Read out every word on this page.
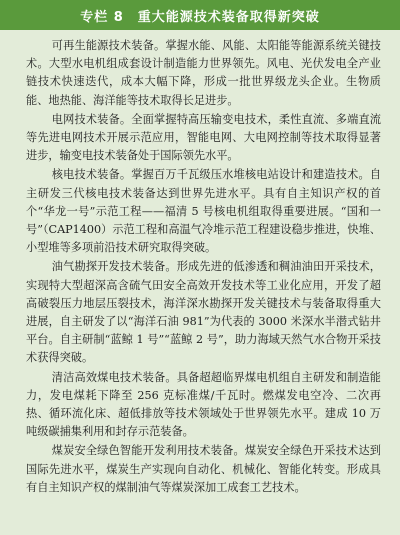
专栏 8 重大能源技术装备取得新突破

可再生能源技术装备。掌握水能、风能、太阳能等能源系统关键技术。大型水电机组成套设计制造能力世界领先。风电、光伏发电全产业链技术快速迭代，成本大幅下降，形成一批世界级龙头企业。生物质能、地热能、海洋能等技术取得长足进步。

电网技术装备。全面掌握特高压输变电技术，柔性直流、多端直流等先进电网技术开展示范应用，智能电网、大电网控制等技术取得显著进步，输变电技术装备处于国际领先水平。

核电技术装备。掌握百万千瓦级压水堆核电站设计和建造技术。自主研发三代核电技术装备达到世界先进水平。具有自主知识产权的首个“华龙一号”示范工程——福清 5 号核电机组取得重要进展。“国和一号”（CAP1400）示范工程和高温气冷堆示范工程建设稳步推进，快堆、小型堆等多项前沿技术研究取得突破。

油气勘探开发技术装备。形成先进的低渗透和稠油油田开采技术，实现特大型超深高含硫气田安全高效开发技术等工业化应用，开发了超高破裂压力地层压裂技术，海洋深水勘探开发关键技术与装备取得重大进展，自主研发了以“海洋石油 981”为代表的 3000 米深水半潜式钻井平台。自主研制“蓝鲸 1 号”“蓝鲸 2 号”，助力海域天然气水合物开采技术获得突破。

清洁高效煤电技术装备。具备超超临界煤电机组自主研发和制造能力，发电煤耗下降至 256 克标准煤/千瓦时。燃煤发电空冷、二次再热、循环流化床、超低排放等技术领域处于世界领先水平。建成 10 万吨级碳捕集利用和封存示范装备。

煤炭安全绿色智能开发利用技术装备。煤炭安全绿色开采技术达到国际先进水平，煤炭生产实现向自动化、机械化、智能化转变。形成具有自主知识产权的煤制油气等煤炭深加工成套工艺技术。
